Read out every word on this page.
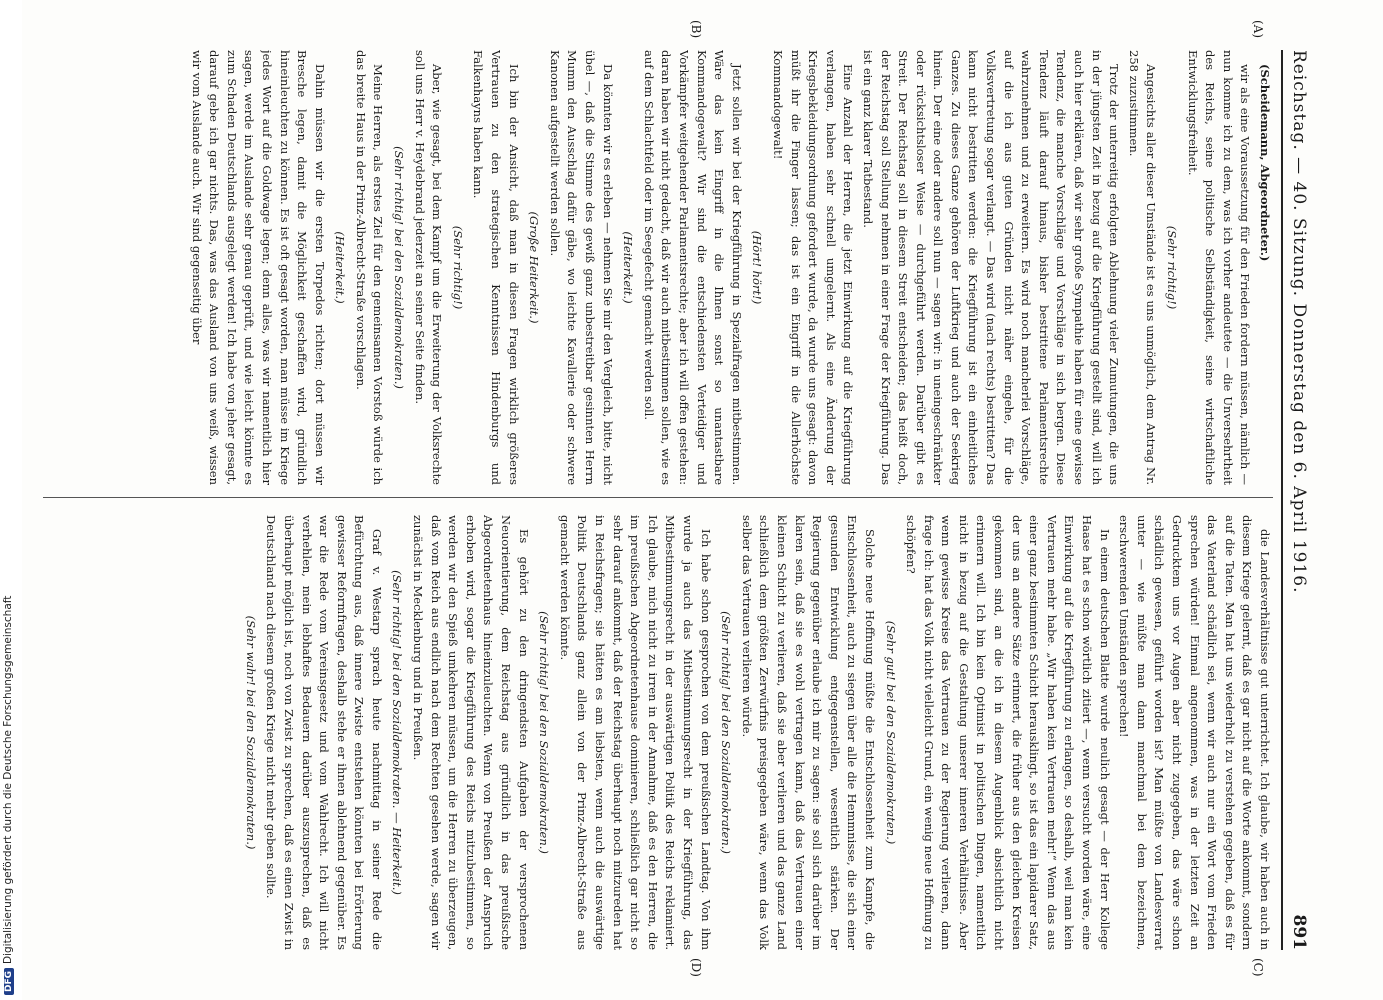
Reichstag. — 40. Sitzung. Donnerstag den 6. April 1916.
891
(A)
(B)
(C)
(D)

(Scheidemann, Abgeordneter.)

wir als eine Voraussetzung für den Frieden fordern müssen, nämlich — nun komme ich zu dem, was ich vorher andeutete — die Unversehrtheit des Reichs, seine politische Selbständigkeit, seine wirtschaftliche Entwicklungsfreiheit.

(Sehr richtig!)

Angesichts aller dieser Umstände ist es uns unmöglich, dem Antrag Nr. 258 zuzustimmen.

Trotz der unterreitig erfolgten Ablehnung vieler Zumutungen, die uns in der jüngsten Zeit in bezug auf die Kriegführung gestellt sind, will ich auch hier erklären, daß wir sehr große Sympathie haben für eine gewisse Tendenz, die manche Vorschläge und Vorschläge in sich bergen. Diese Tendenz läuft darauf hinaus, bisher bestrittene Parlamentsrechte wahrzunehmen und zu erweitern. Es wird noch mancherlei Vorschläge, auf die ich aus guten Gründen nicht näher eingehe, für die Volksvertretung sogar verlangt. — Das wird (nach rechts) bestritten? Das kann nicht bestritten werden: die Kriegführung ist ein einheitliches Ganzes. Zu dieses Ganze gehören der Luftkrieg und auch der Seekrieg hinein. Der eine oder andere soll nun — sagen wir: in uneingeschränkter oder rücksichtsloser Weise — durchgeführt werden. Darüber gibt es Streit. Der Reichstag soll in diesem Streit entscheiden; das heißt doch, der Reichstag soll Stellung nehmen in einer Frage der Kriegführung. Das ist ein ganz klarer Tatbestand.

Eine Anzahl der Herren, die jetzt Einwirkung auf die Kriegführung verlangen, haben sehr schnell umgelernt. Als eine Änderung der Kriegsbekleidungsordnung gefordert wurde, da wurde uns gesagt: davon müßt ihr die Finger lassen; das ist ein Eingriff in die Allerhöchste Kommandogewalt!

(Hört! hört!)

Jetzt sollen wir bei der Kriegführung in Spezialfragen mitbestimmen. Wäre das kein Eingriff in die Ihnen sonst so unantastbare Kommandogewalt? Wir sind die entschiedensten Verteidiger und Vorkämpfer weitgehender Parlamentsrechte; aber ich will offen gestehen: daran haben wir nicht gedacht, daß wir auch mitbestimmen sollen, wie es auf dem Schlachtfeld oder im Seegefecht gemacht werden soll.

(Heiterkeit.)

Da könnten wir es erleben — nehmen Sie mir den Vergleich, bitte, nicht übel —, daß die Stimme des gewiß ganz unbestreitbar gesinnten Herrn Mumm den Ausschlag dafür gäbe, wo leichte Kavallerie oder schwere Kanonen aufgestellt werden sollen.

(Große Heiterkeit.)

Ich bin der Ansicht, daß man in diesen Fragen wirklich größeres Vertrauen zu den strategischen Kenntnissen Hindenburgs und Falkenhayns haben kann.

(Sehr richtig!)

Aber, wie gesagt, bei dem Kampf um die Erweiterung der Volksrechte soll uns Herr v. Heydebrand jederzeit an seiner Seite finden.

(Sehr richtig! bei den Sozialdemokraten.)

Meine Herren, als erstes Ziel für den gemeinsamen Vorstoß würde ich das breite Haus in der Prinz-Albrecht-Straße vorschlagen.

(Heiterkeit.)

Dahin müssen wir die ersten Torpedos richten; dort müssen wir Bresche legen, damit die Möglichkeit geschaffen wird, gründlich hineinleuchten zu können. Es ist oft gesagt worden, man müsse im Kriege jedes Wort auf die Goldwage legen; denn alles, was wir namentlich hier sagen, werde im Auslande sehr genau geprüft, und wie leicht könnte es zum Schaden Deutschlands ausgelegt werden! Ich habe von jeher gesagt, darauf gebe ich gar nichts. Das, was das Ausland von uns weiß, wissen wir vom Auslande auch. Wir sind gegenseitig über

die Landesverhältnisse gut unterrichtet. Ich glaube, wir haben auch in diesem Kriege gelernt, daß es gar nicht auf die Worte ankommt, sondern auf die Taten. Man hat uns wiederholt zu verstehen gegeben, daß es für das Vaterland schädlich sei, wenn wir auch nur ein Wort vom Frieden sprechen würden! Einmal angenommen, was in der letzten Zeit an Gedrucktem uns vor Augen aber nicht zugegeben, das wäre schon schädlich gewesen, geführt worden ist? Man müßte von Landesverrat unter — wie müßte man dann manchmal bei dem bezeichnen, erschwerenden Umständen sprechen!

In einem deutschen Blatte wurde neulich gesagt — der Herr Kollege Haase hat es schon wörtlich zitiert —, wenn versucht worden wäre, eine Einwirkung auf die Kriegführung zu erlangen, so deshalb, weil man kein Vertrauen mehr habe. „Wir haben kein Vertrauen mehr!“ Wenn das aus einer ganz bestimmten Schicht herausklingt, so ist das ein lapidarer Satz, der uns an andere Sätze erinnert, die früher aus den gleichen Kreisen gekommen sind, an die ich in diesem Augenblick absichtlich nicht erinnern will. Ich bin kein Optimist in politischen Dingen, namentlich nicht in bezug auf die Gestaltung unserer inneren Verhältnisse. Aber wenn gewisse Kreise das Vertrauen zu der Regierung verlieren, dann frage ich: hat das Volk nicht vielleicht Grund, ein wenig neue Hoffnung zu schöpfen?

(Sehr gut! bei den Sozialdemokraten.)

Solche neue Hoffnung müßte die Entschlossenheit zum Kampfe, die Entschlossenheit, auch zu siegen über alle die Hemmnisse, die sich einer gesunden Entwicklung entgegenstellen, wesentlich stärken. Der Regierung gegenüber erlaube ich mir zu sagen: sie soll sich darüber im klaren sein, daß sie es wohl vertragen kann, daß das Vertrauen einer kleinen Schicht zu verlieren, daß sie aber verlieren und das ganze Land schließlich dem größten Zerwürfnis preisgegeben wäre, wenn das Volk selber das Vertrauen verlieren würde.

(Sehr richtig! bei den Sozialdemokraten.)

Ich habe schon gesprochen von dem preußischen Landtag. Von ihm wurde ja auch das Mitbestimmungsrecht in der Kriegführung, das Mitbestimmungsrecht in der auswärtigen Politik des Reichs reklamiert. Ich glaube, mich nicht zu irren in der Annahme, daß es den Herren, die im preußischen Abgeordnetenhause dominieren, schließlich gar nicht so sehr darauf ankommt, daß der Reichstag überhaupt noch mitzureden hat in Reichsfragen; sie hätten es am liebsten, wenn auch die auswärtige Politik Deutschlands ganz allein von der Prinz-Albrecht-Straße aus gemacht werden könnte.

(Sehr richtig! bei den Sozialdemokraten.)

Es gehört zu den dringendsten Aufgaben der versprochenen Neuorientierung, dem Reichstag aus gründlich in das preußische Abgeordnetenhaus hineinzuleuchten. Wenn von Preußen der Anspruch erhoben wird, sogar die Kriegführung des Reichs mitzubestimmen, so werden wir den Spieß umkehren müssen, um die Herren zu überzeugen, daß vom Reich aus endlich nach dem Rechten gesehen werde, sagen wir zunächst in Mecklenburg und in Preußen.

(Sehr richtig! bei den Sozialdemokraten. — Heiterkeit.)

Graf v. Westarp sprach heute nachmittag in seiner Rede die Befürchtung aus, daß innere Zwiste entstehen könnten bei Erörterung gewisser Reformfragen, deshalb stehe er ihnen ablehnend gegenüber. Es war die Rede vom Vereinsgesetz und vom Wahlrecht. Ich will nicht verhehlen, mein lebhaftes Bedauern darüber auszusprechen, daß es überhaupt möglich ist, noch von Zwist zu sprechen, daß es einen Zwist in Deutschland nach diesem großen Kriege nicht mehr geben sollte.

(Sehr wahr! bei den Sozialdemokraten.)
DFGDigitalisierung gefördert durch die Deutsche Forschungsgemeinschaft
